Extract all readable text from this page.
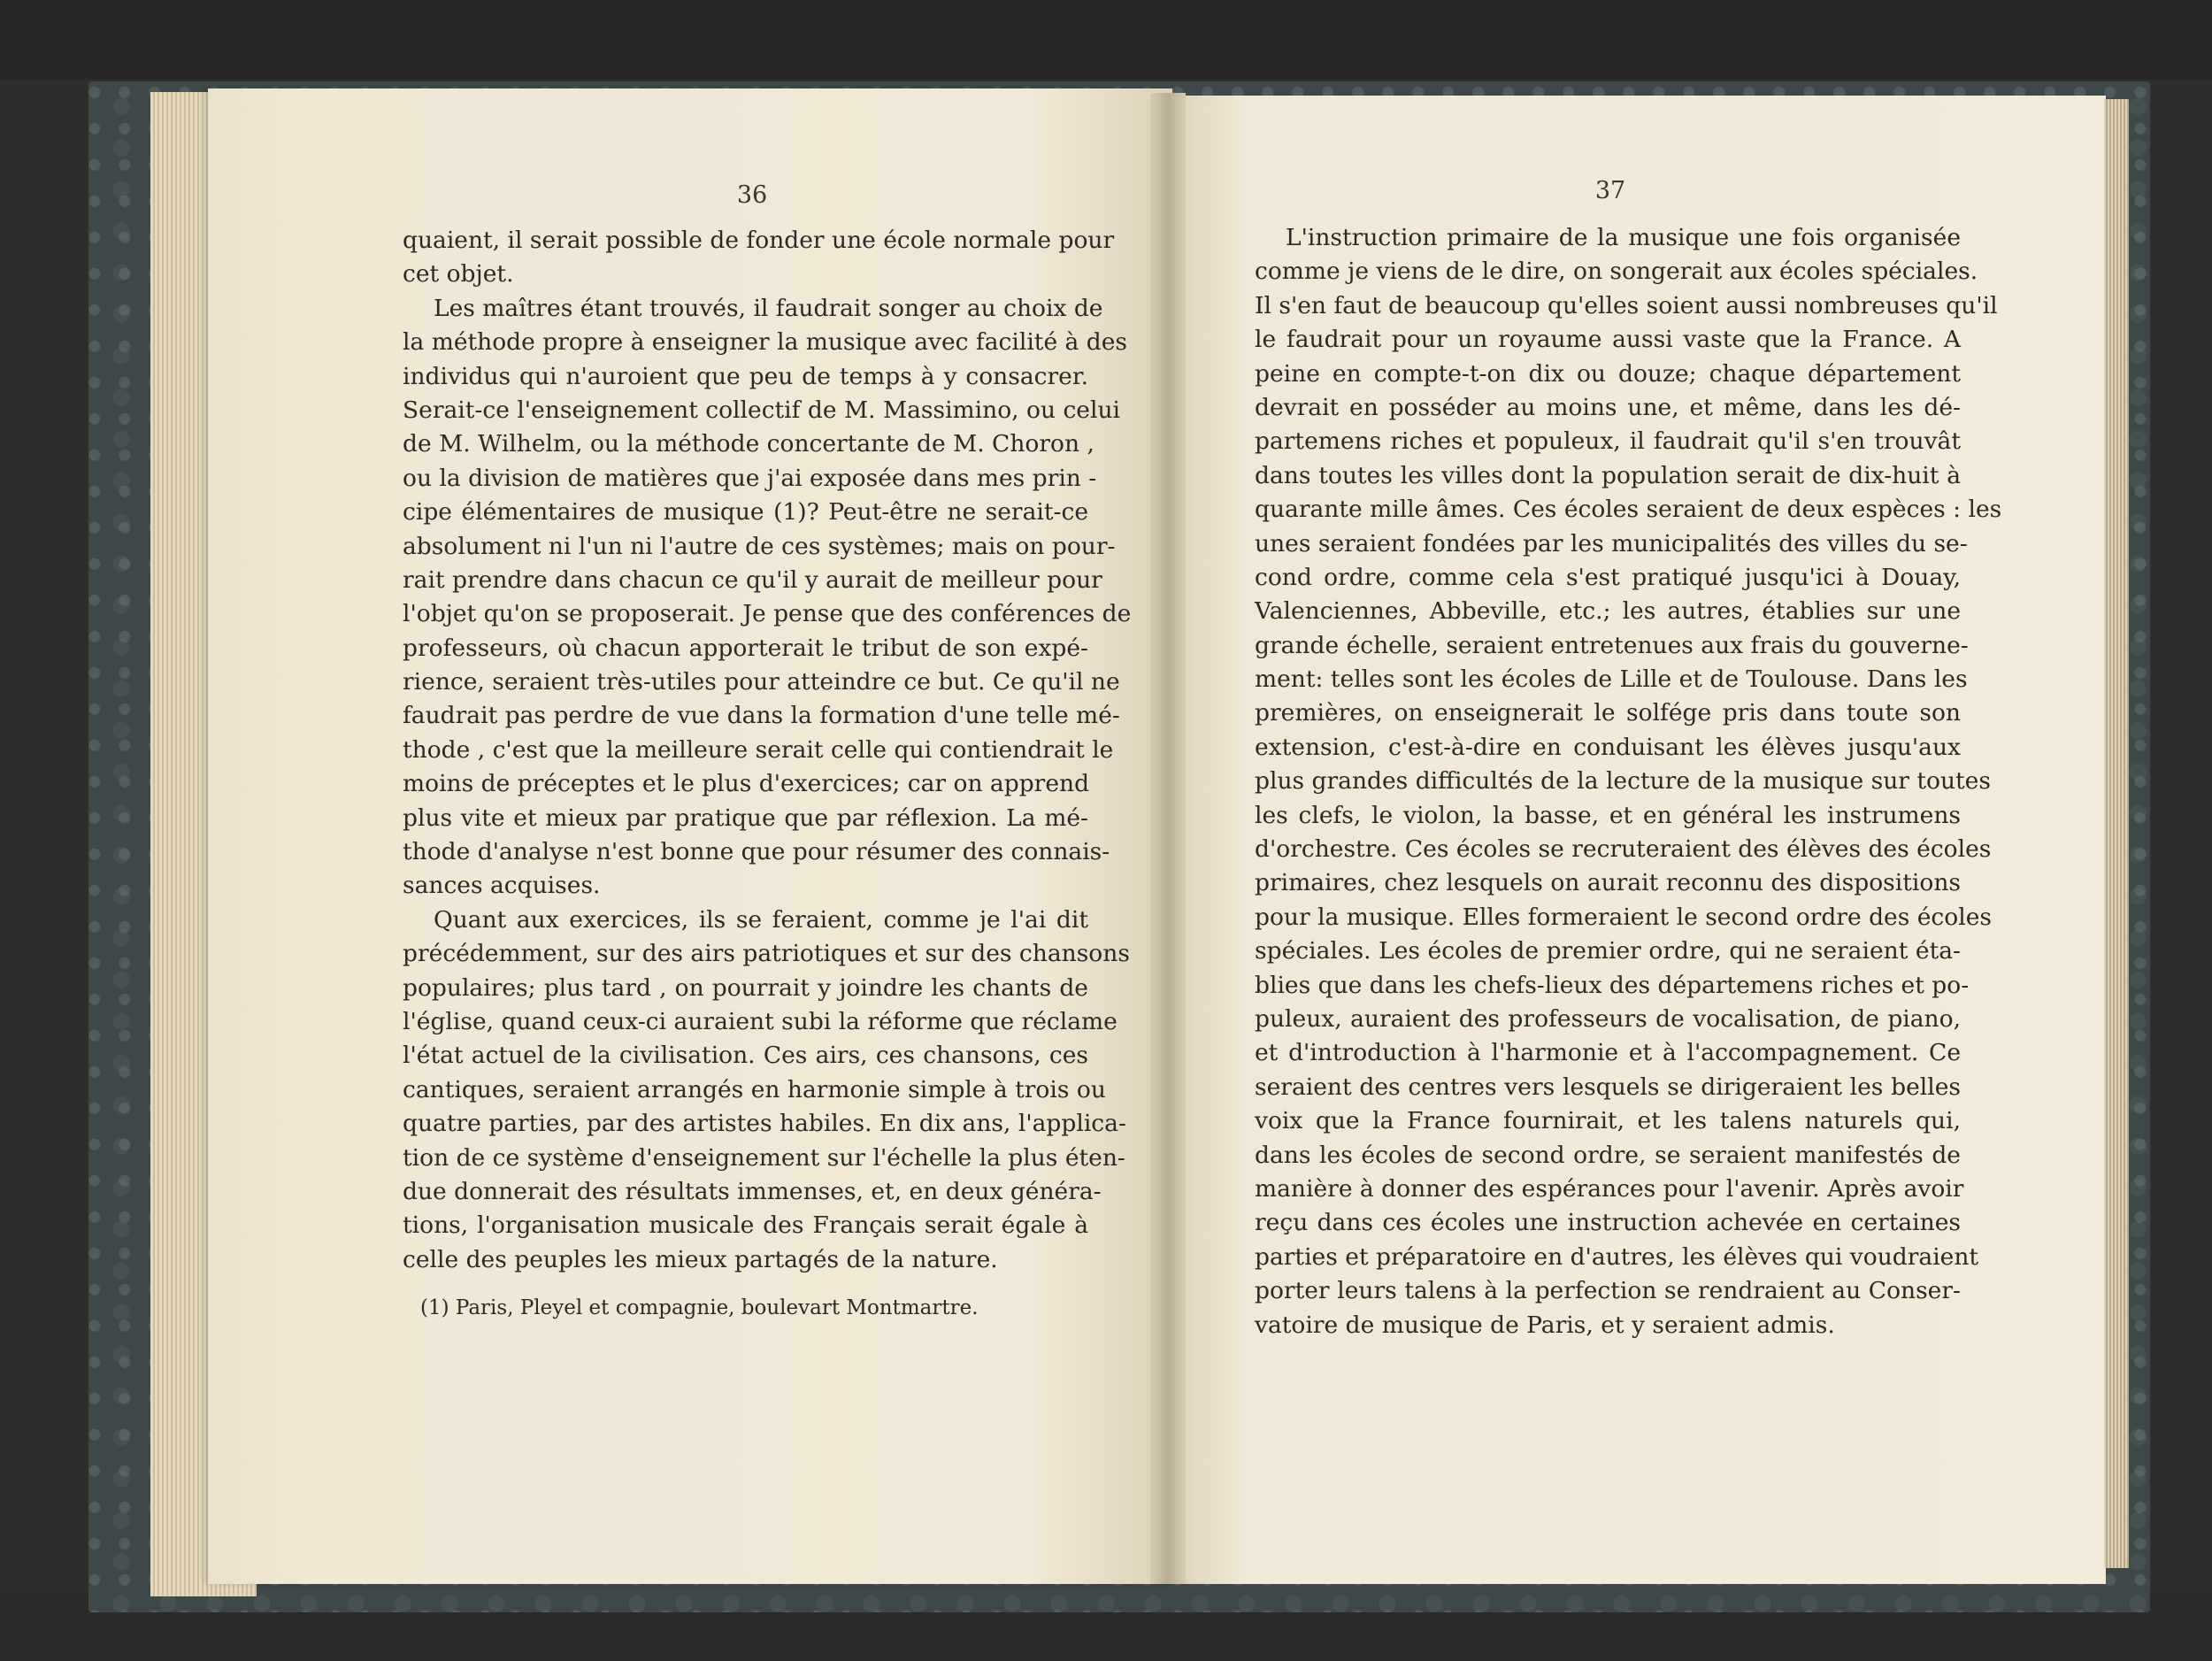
36	37
quaient, il serait possible de fonder une école normale pour
cet objet.
Les maîtres étant trouvés, il faudrait songer au choix de
la méthode propre à enseigner la musique avec facilité à des
individus qui n'auroient que peu de temps à y consacrer.
Serait-ce l'enseignement collectif de M. Massimino, ou celui
de M. Wilhelm, ou la méthode concertante de M. Choron ,
ou la division de matières que j'ai exposée dans mes prin -
cipe élémentaires de musique (1)? Peut-être ne serait-ce
absolument ni l'un ni l'autre de ces systèmes; mais on pour-
rait prendre dans chacun ce qu'il y aurait de meilleur pour
l'objet qu'on se proposerait. Je pense que des conférences de
professeurs, où chacun apporterait le tribut de son expé-
rience, seraient très-utiles pour atteindre ce but. Ce qu'il ne
faudrait pas perdre de vue dans la formation d'une telle mé-
thode , c'est que la meilleure serait celle qui contiendrait le
moins de préceptes et le plus d'exercices; car on apprend
plus vite et mieux par pratique que par réflexion. La mé-
thode d'analyse n'est bonne que pour résumer des connais-
sances acquises.
Quant aux exercices, ils se feraient, comme je l'ai dit
précédemment, sur des airs patriotiques et sur des chansons
populaires; plus tard , on pourrait y joindre les chants de
l'église, quand ceux-ci auraient subi la réforme que réclame
l'état actuel de la civilisation. Ces airs, ces chansons, ces
cantiques, seraient arrangés en harmonie simple à trois ou
quatre parties, par des artistes habiles. En dix ans, l'applica-
tion de ce système d'enseignement sur l'échelle la plus éten-
due donnerait des résultats immenses, et, en deux généra-
tions, l'organisation musicale des Français serait égale à
celle des peuples les mieux partagés de la nature.
(1) Paris, Pleyel et compagnie, boulevart Montmartre.
L'instruction primaire de la musique une fois organisée
comme je viens de le dire, on songerait aux écoles spéciales.
Il s'en faut de beaucoup qu'elles soient aussi nombreuses qu'il
le faudrait pour un royaume aussi vaste que la France. A
peine en compte-t-on dix ou douze; chaque département
devrait en posséder au moins une, et même, dans les dé-
partemens riches et populeux, il faudrait qu'il s'en trouvât
dans toutes les villes dont la population serait de dix-huit à
quarante mille âmes. Ces écoles seraient de deux espèces : les
unes seraient fondées par les municipalités des villes du se-
cond ordre, comme cela s'est pratiqué jusqu'ici à Douay,
Valenciennes, Abbeville, etc.; les autres, établies sur une
grande échelle, seraient entretenues aux frais du gouverne-
ment: telles sont les écoles de Lille et de Toulouse. Dans les
premières, on enseignerait le solfége pris dans toute son
extension, c'est-à-dire en conduisant les élèves jusqu'aux
plus grandes difficultés de la lecture de la musique sur toutes
les clefs, le violon, la basse, et en général les instrumens
d'orchestre. Ces écoles se recruteraient des élèves des écoles
primaires, chez lesquels on aurait reconnu des dispositions
pour la musique. Elles formeraient le second ordre des écoles
spéciales. Les écoles de premier ordre, qui ne seraient éta-
blies que dans les chefs-lieux des départemens riches et po-
puleux, auraient des professeurs de vocalisation, de piano,
et d'introduction à l'harmonie et à l'accompagnement. Ce
seraient des centres vers lesquels se dirigeraient les belles
voix que la France fournirait, et les talens naturels qui,
dans les écoles de second ordre, se seraient manifestés de
manière à donner des espérances pour l'avenir. Après avoir
reçu dans ces écoles une instruction achevée en certaines
parties et préparatoire en d'autres, les élèves qui voudraient
porter leurs talens à la perfection se rendraient au Conser-
vatoire de musique de Paris, et y seraient admis.
